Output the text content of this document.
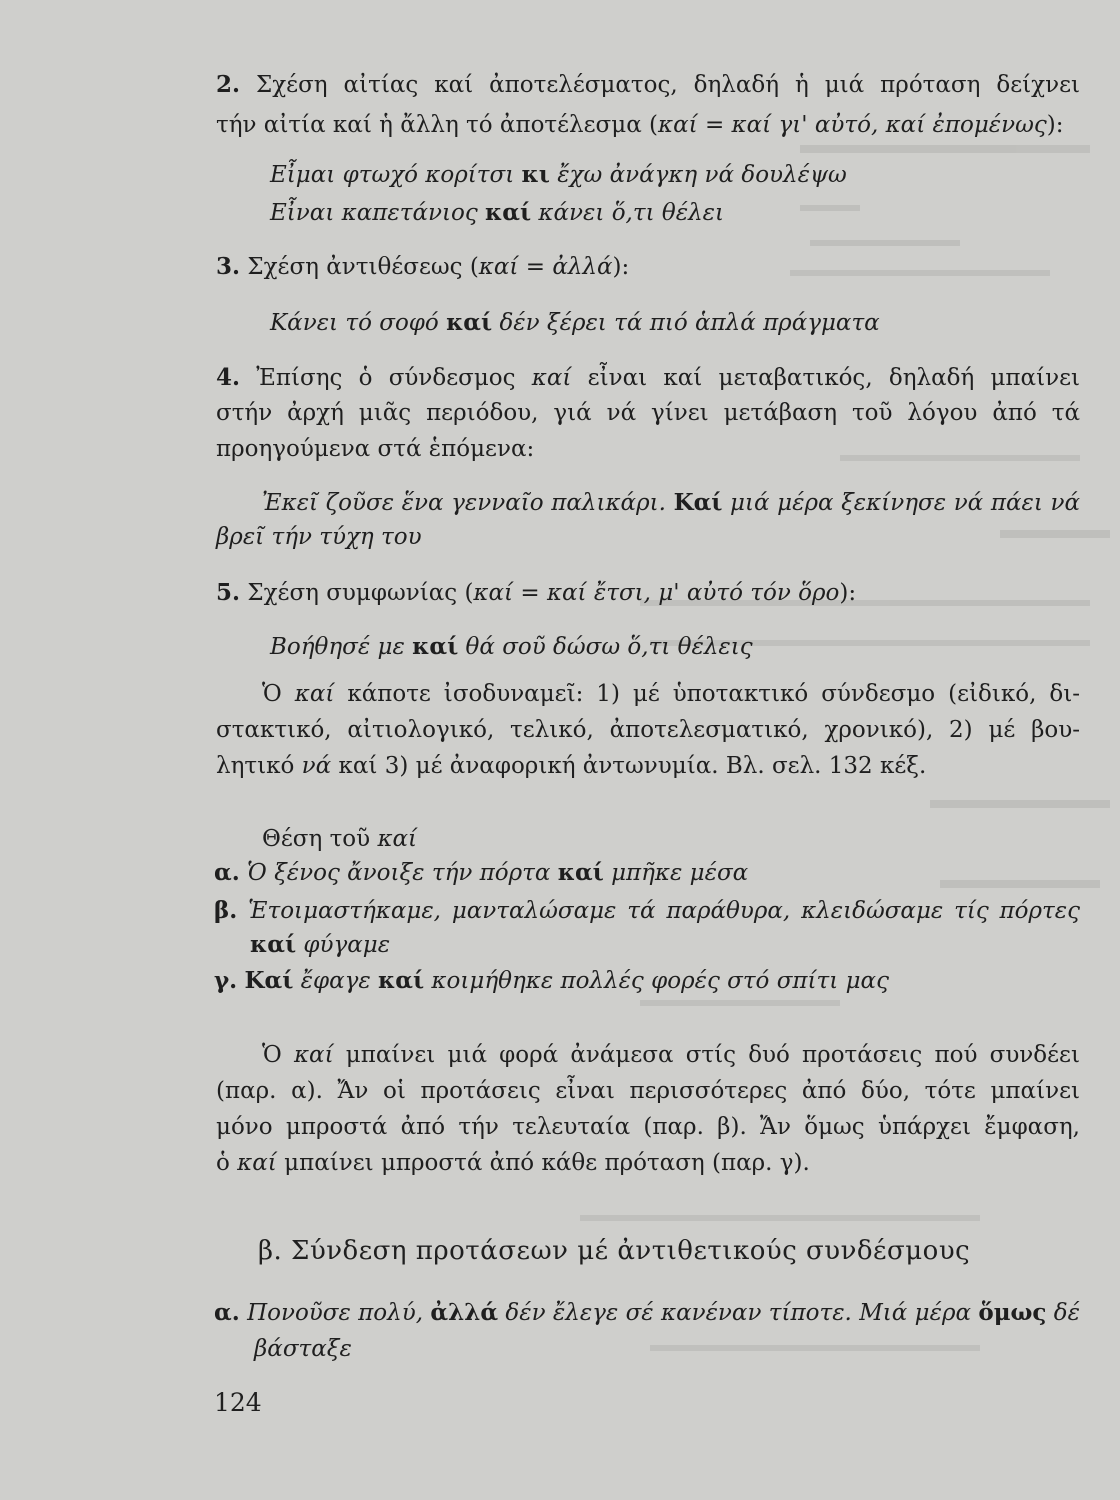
2. Σχέση αἰτίας καί ἀποτελέσματος, δηλαδή ἡ μιά πρόταση δείχνει
τήν αἰτία καί ἡ ἄλλη τό ἀποτέλεσμα (καί = καί γι' αὐτό, καί ἐπομένως):
Εἶμαι φτωχό κορίτσι κι ἔχω ἀνάγκη νά δουλέψω
Εἶναι καπετάνιος καί κάνει ὅ,τι θέλει
3. Σχέση ἀντιθέσεως (καί = ἀλλά):
Κάνει τό σοφό καί δέν ξέρει τά πιό ἁπλά πράγματα
4. Ἐπίσης ὁ σύνδεσμος καί εἶναι καί μεταβατικός, δηλαδή μπαίνει
στήν ἀρχή μιᾶς περιόδου, γιά νά γίνει μετάβαση τοῦ λόγου ἀπό τά
προηγούμενα στά ἑπόμενα:
Ἐκεῖ ζοῦσε ἕνα γενναῖο παλικάρι. Καί μιά μέρα ξεκίνησε νά πάει νά
βρεῖ τήν τύχη του
5. Σχέση συμφωνίας (καί = καί ἔτσι, μ' αὐτό τόν ὅρο):
Βοήθησέ με καί θά σοῦ δώσω ὅ,τι θέλεις
Ὁ καί κάποτε ἰσοδυναμεῖ: 1) μέ ὑποτακτικό σύνδεσμο (εἰδικό, δι-
στακτικό, αἰτιολογικό, τελικό, ἀποτελεσματικό, χρονικό), 2) μέ βου-
λητικό νά καί 3) μέ ἀναφορική ἀντωνυμία. Βλ. σελ. 132 κέξ.
Θέση τοῦ καί
α. Ὁ ξένος ἄνοιξε τήν πόρτα καί μπῆκε μέσα
β. Ἑτοιμαστήκαμε, μανταλώσαμε τά παράθυρα, κλειδώσαμε τίς πόρτες
καί φύγαμε
γ. Καί ἔφαγε καί κοιμήθηκε πολλές φορές στό σπίτι μας
Ὁ καί μπαίνει μιά φορά ἀνάμεσα στίς δυό προτάσεις πού συνδέει
(παρ. α). Ἄν οἱ προτάσεις εἶναι περισσότερες ἀπό δύο, τότε μπαίνει
μόνο μπροστά ἀπό τήν τελευταία (παρ. β). Ἄν ὅμως ὑπάρχει ἔμφαση,
ὁ καί μπαίνει μπροστά ἀπό κάθε πρόταση (παρ. γ).
β. Σύνδεση προτάσεων μέ ἀντιθετικούς συνδέσμους
α. Πονοῦσε πολύ, ἀλλά δέν ἔλεγε σέ κανέναν τίποτε. Μιά μέρα ὅμως δέ
βάσταξε
124
